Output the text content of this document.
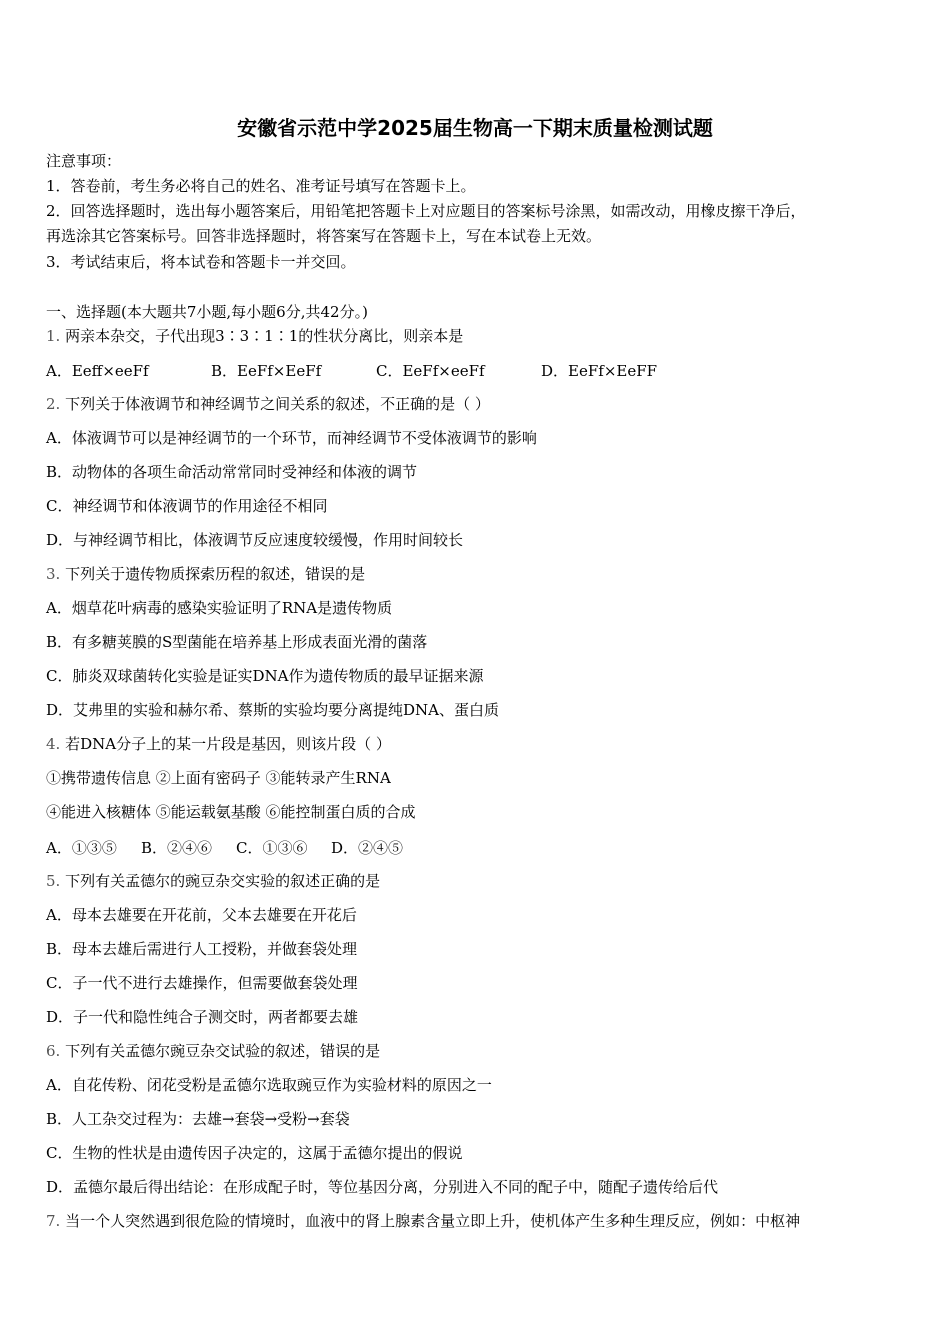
安徽省示范中学2025届生物高一下期末质量检测试题
注意事项：
1．答卷前，考生务必将自己的姓名、准考证号填写在答题卡上。
2．回答选择题时，选出每小题答案后，用铅笔把答题卡上对应题目的答案标号涂黑，如需改动，用橡皮擦干净后，
再选涂其它答案标号。回答非选择题时，将答案写在答题卡上，写在本试卷上无效。
3．考试结束后，将本试卷和答题卡一并交回。
一、选择题(本大题共7小题,每小题6分,共42分。)
1. 两亲本杂交，子代出现3∶3∶1∶1的性状分离比，则亲本是
A．Eeff×eeFf	B．EeFf×EeFf	C．EeFf×eeFf	D．EeFf×EeFF
2. 下列关于体液调节和神经调节之间关系的叙述，不正确的是（ ）
A．体液调节可以是神经调节的一个环节，而神经调节不受体液调节的影响
B．动物体的各项生命活动常常同时受神经和体液的调节
C．神经调节和体液调节的作用途径不相同
D．与神经调节相比，体液调节反应速度较缓慢，作用时间较长
3. 下列关于遗传物质探索历程的叙述，错误的是
A．烟草花叶病毒的感染实验证明了RNA是遗传物质
B．有多糖荚膜的S型菌能在培养基上形成表面光滑的菌落
C．肺炎双球菌转化实验是证实DNA作为遗传物质的最早证据来源
D．艾弗里的实验和赫尔希、蔡斯的实验均要分离提纯DNA、蛋白质
4. 若DNA分子上的某一片段是基因，则该片段（ ）
①携带遗传信息 ②上面有密码子 ③能转录产生RNA
④能进入核糖体 ⑤能运载氨基酸 ⑥能控制蛋白质的合成
A．①③⑤ B．②④⑥ C．①③⑥ D．②④⑤
5. 下列有关孟德尔的豌豆杂交实验的叙述正确的是
A．母本去雄要在开花前，父本去雄要在开花后
B．母本去雄后需进行人工授粉，并做套袋处理
C．子一代不进行去雄操作，但需要做套袋处理
D．子一代和隐性纯合子测交时，两者都要去雄
6. 下列有关孟德尔豌豆杂交试验的叙述，错误的是
A．自花传粉、闭花受粉是孟德尔选取豌豆作为实验材料的原因之一
B．人工杂交过程为：去雄→套袋→受粉→套袋
C．生物的性状是由遗传因子决定的，这属于孟德尔提出的假说
D．孟德尔最后得出结论：在形成配子时，等位基因分离，分别进入不同的配子中，随配子遗传给后代
7. 当一个人突然遇到很危险的情境时，血液中的肾上腺素含量立即上升，使机体产生多种生理反应，例如：中枢神
